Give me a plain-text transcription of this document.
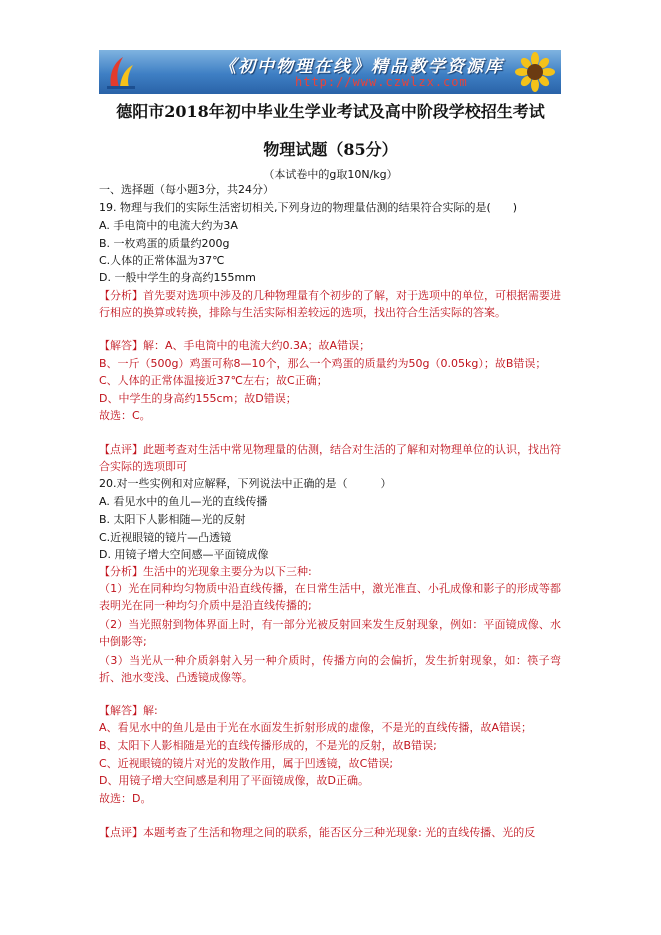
《初中物理在线》精品教学资源库
http://www.czwlzx.com
德阳市2018年初中毕业生学业考试及高中阶段学校招生考试
物理试题（85分）
（本试卷中的g取10N/kg）
一、选择题（每小题3分，共24分）
19. 物理与我们的实际生活密切相关,下列身边的物理量估测的结果符合实际的是(　　)
A. 手电筒中的电流大约为3A
B. 一枚鸡蛋的质量约200g
C.人体的正常体温为37℃
D. 一般中学生的身高约155mm
【分析】首先要对选项中涉及的几种物理量有个初步的了解，对于选项中的单位，可根据需要进行相应的换算或转换，排除与生活实际相差较远的选项，找出符合生活实际的答案。
【解答】解：A、手电筒中的电流大约0.3A；故A错误；
B、一斤（500g）鸡蛋可称8—10个，那么一个鸡蛋的质量约为50g（0.05kg）；故B错误；
C、人体的正常体温接近37℃左右；故C正确；
D、中学生的身高约155cm；故D错误；
故选：C。
【点评】此题考查对生活中常见物理量的估测，结合对生活的了解和对物理单位的认识，找出符合实际的选项即可
20.对一些实例和对应解释，下列说法中正确的是（　　　）
A. 看见水中的鱼儿—光的直线传播
B. 太阳下人影相随—光的反射
C.近视眼镜的镜片—凸透镜
D. 用镜子增大空间感—平面镜成像
【分析】生活中的光现象主要分为以下三种:
（1）光在同种均匀物质中沿直线传播，在日常生活中，激光准直、小孔成像和影子的形成等都表明光在同一种均匀介质中是沿直线传播的;
（2）当光照射到物体界面上时，有一部分光被反射回来发生反射现象，例如：平面镜成像、水中倒影等;
（3）当光从一种介质斜射入另一种介质时，传播方向的会偏折，发生折射现象，如：筷子弯折、池水变浅、凸透镜成像等。
【解答】解:
A、看见水中的鱼儿是由于光在水面发生折射形成的虚像，不是光的直线传播，故A错误；
B、太阳下人影相随是光的直线传播形成的，不是光的反射，故B错误;
C、近视眼镜的镜片对光的发散作用，属于凹透镜，故C错误;
D、用镜子增大空间感是利用了平面镜成像，故D正确。
故选：D。
【点评】本题考查了生活和物理之间的联系，能否区分三种光现象: 光的直线传播、光的反
